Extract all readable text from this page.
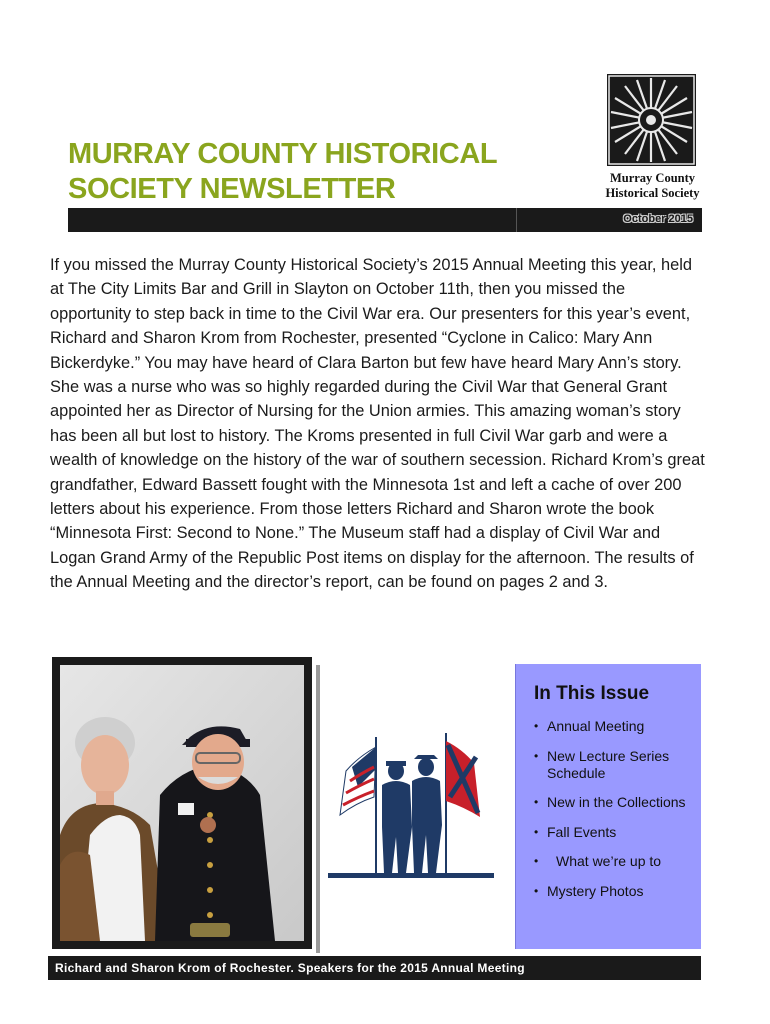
MURRAY COUNTY HISTORICAL
SOCIETY NEWSLETTER	Murray County
Historical Society
October 2015

If you missed the Murray County Historical Society’s 2015 Annual Meeting this year, held at The City Limits Bar and Grill in Slayton on October 11th, then you missed the opportunity to step back in time to the Civil War era. Our presenters for this year’s event, Richard and Sharon Krom from Rochester, presented “Cyclone in Calico: Mary Ann Bickerdyke.” You may have heard of Clara Barton but few have heard Mary Ann’s story. She was a nurse who was so highly regarded during the Civil War that General Grant appointed her as Director of Nursing for the Union armies. This amazing woman’s story has been all but lost to history. The Kroms presented in full Civil War garb and were a wealth of knowledge on the history of the war of southern secession. Richard Krom’s great grandfather, Edward Bassett fought with the Minnesota 1st and left a cache of over 200 letters about his experience. From those letters Richard and Sharon wrote the book “Minnesota First: Second to None.” The Museum staff had a display of Civil War and Logan Grand Army of the Republic Post items on display for the afternoon. The results of the Annual Meeting and the director’s report, can be found on pages 2 and 3.

In This Issue
• Annual Meeting
• New Lecture Series Schedule
• New in the Collections
• Fall Events
• What we’re up to
• Mystery Photos
Richard and Sharon Krom of Rochester. Speakers for the 2015 Annual Meeting
